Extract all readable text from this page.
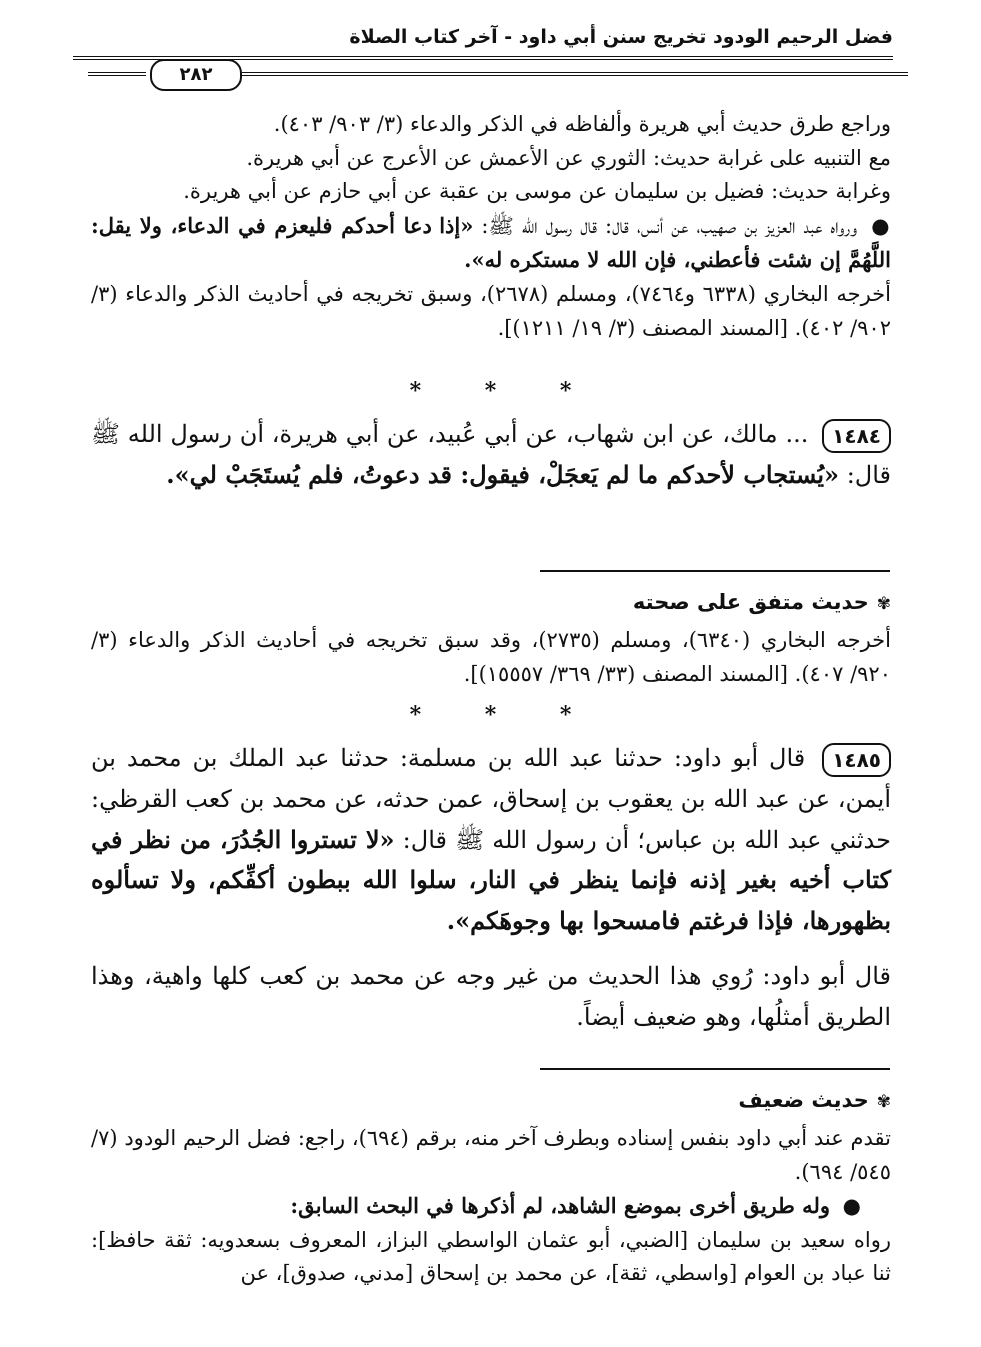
فضل الرحيم الودود تخريج سنن أبي داود - آخر كتاب الصلاة
٢٨٢
وراجع طرق حديث أبي هريرة وألفاظه في الذكر والدعاء (٣/ ٩٠٣/ ٤٠٣).
مع التنبيه على غرابة حديث: الثوري عن الأعمش عن الأعرج عن أبي هريرة.
وغرابة حديث: فضيل بن سليمان عن موسى بن عقبة عن أبي حازم عن أبي هريرة.
● ورواه عبد العزيز بن صهيب، عن أنس، قال: قال رسول الله ﷺ: «إذا دعا أحدكم فليعزم في الدعاء، ولا يقل: اللَّهُمَّ إن شئت فأعطني، فإن الله لا مستكره له».
أخرجه البخاري (٦٣٣٨ و٧٤٦٤)، ومسلم (٢٦٧٨)، وسبق تخريجه في أحاديث الذكر والدعاء (٣/ ٩٠٢/ ٤٠٢). [المسند المصنف (٣/ ١٩/ ١٢١١)].
* * *
١٤٨٤ ... مالك، عن ابن شهاب، عن أبي عُبيد، عن أبي هريرة، أن رسول الله ﷺ قال: «يُستجاب لأحدكم ما لم يَعجَلْ، فيقول: قد دعوتُ، فلم يُستَجَبْ لي».
✾حديث متفق على صحته
أخرجه البخاري (٦٣٤٠)، ومسلم (٢٧٣٥)، وقد سبق تخريجه في أحاديث الذكر والدعاء (٣/ ٩٢٠/ ٤٠٧). [المسند المصنف (٣٣/ ٣٦٩/ ١٥٥٥٧)].
* * *
١٤٨٥ قال أبو داود: حدثنا عبد الله بن مسلمة: حدثنا عبد الملك بن محمد بن أيمن، عن عبد الله بن يعقوب بن إسحاق، عمن حدثه، عن محمد بن كعب القرظي: حدثني عبد الله بن عباس؛ أن رسول الله ﷺ قال: «لا تستروا الجُدُرَ، من نظر في كتاب أخيه بغير إذنه فإنما ينظر في النار، سلوا الله ببطون أكفِّكم، ولا تسألوه بظهورها، فإذا فرغتم فامسحوا بها وجوهَكم».
قال أبو داود: رُوي هذا الحديث من غير وجه عن محمد بن كعب كلها واهية، وهذا الطريق أمثلُها، وهو ضعيف أيضاً.
✾حديث ضعيف
تقدم عند أبي داود بنفس إسناده وبطرف آخر منه، برقم (٦٩٤)، راجع: فضل الرحيم الودود (٧/ ٥٤٥/ ٦٩٤).
● وله طريق أخرى بموضع الشاهد، لم أذكرها في البحث السابق:
رواه سعيد بن سليمان [الضبي، أبو عثمان الواسطي البزاز، المعروف بسعدويه: ثقة حافظ]: ثنا عباد بن العوام [واسطي، ثقة]، عن محمد بن إسحاق [مدني، صدوق]، عن
